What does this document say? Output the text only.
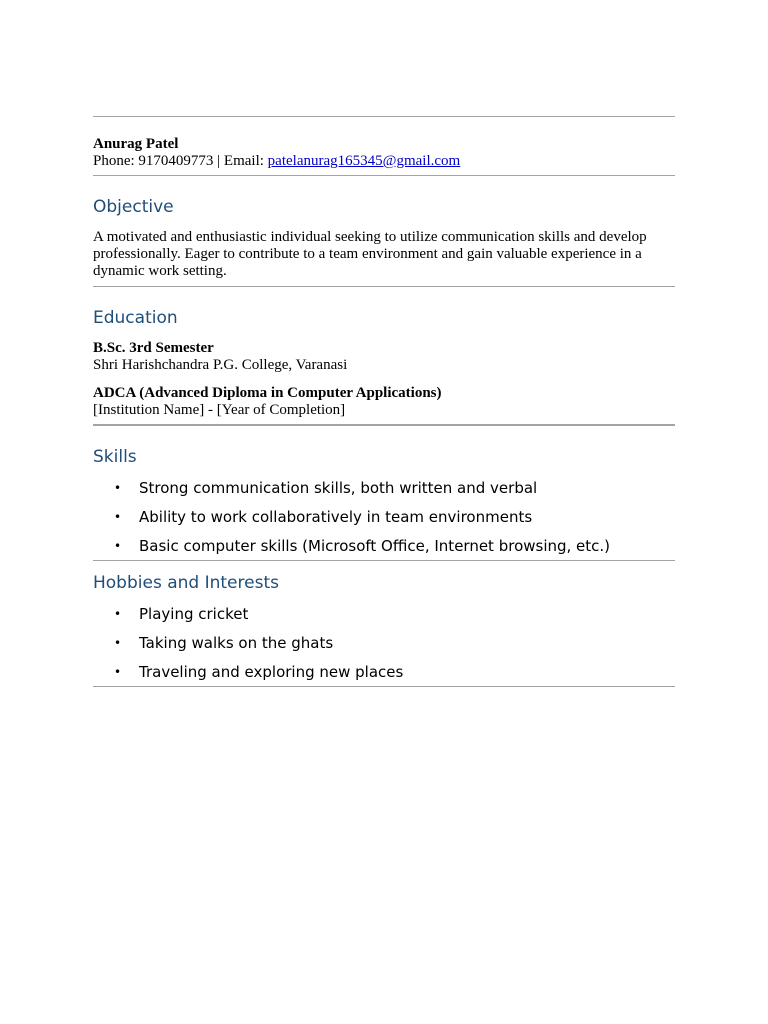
Anurag Patel
Phone: 9170409773 | Email: patelanurag165345@gmail.com
Objective
A motivated and enthusiastic individual seeking to utilize communication skills and develop professionally. Eager to contribute to a team environment and gain valuable experience in a dynamic work setting.
Education
B.Sc. 3rd Semester
Shri Harishchandra P.G. College, Varanasi
ADCA (Advanced Diploma in Computer Applications)
[Institution Name] - [Year of Completion]
Skills
• Strong communication skills, both written and verbal
• Ability to work collaboratively in team environments
• Basic computer skills (Microsoft Office, Internet browsing, etc.)
Hobbies and Interests
• Playing cricket
• Taking walks on the ghats
• Traveling and exploring new places
